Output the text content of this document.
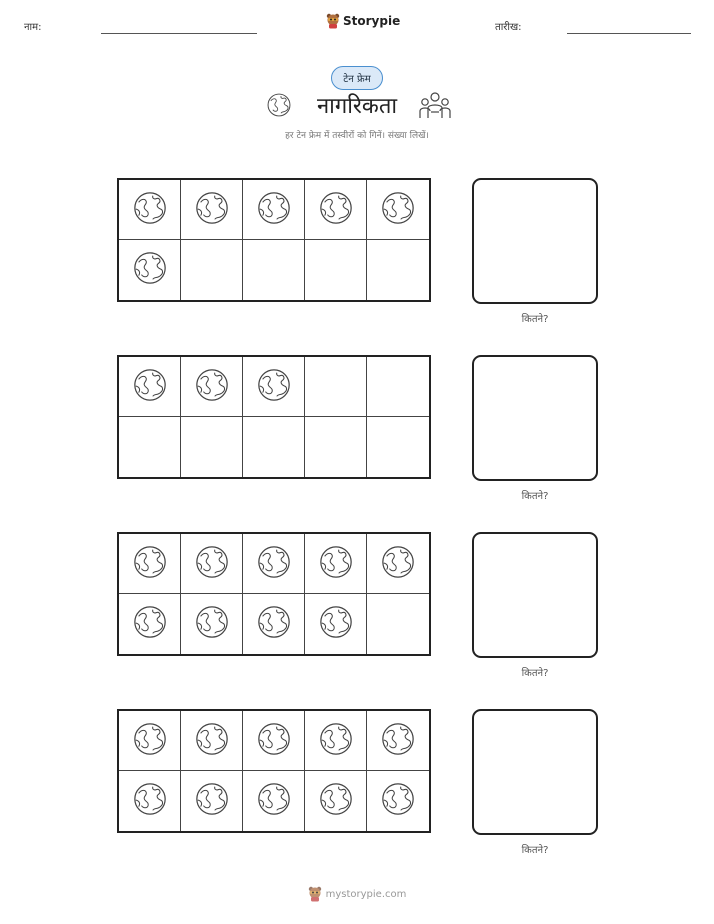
नाम:	Storypie	तारीख:
टेन फ्रेम
नागरिकता
हर टेन फ्रेम में तस्वीरों को गिनें। संख्या लिखें।
कितने?
कितने?
कितने?
कितने?
mystorypie.com
